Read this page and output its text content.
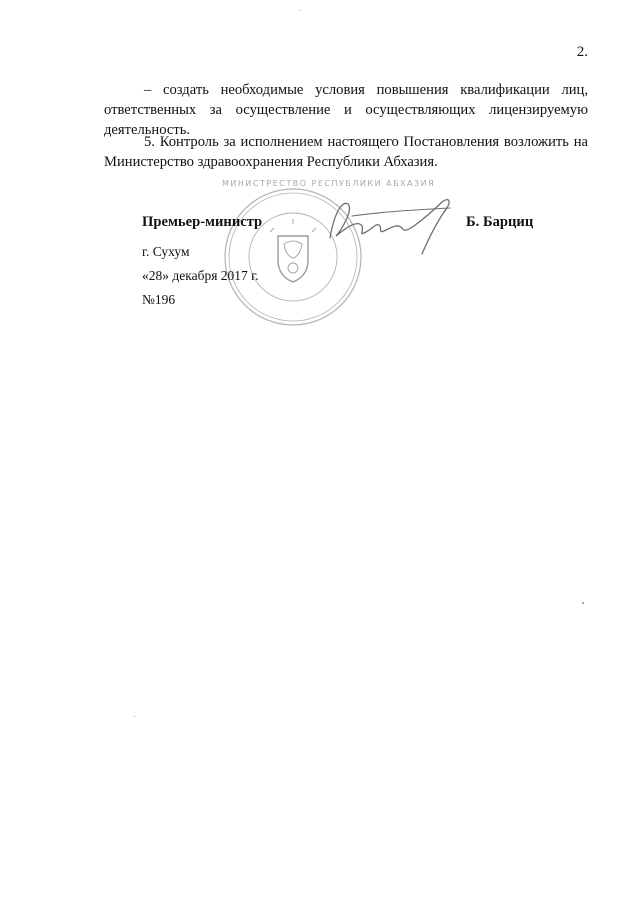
2.

– создать необходимые условия повышения квалификации лиц, ответственных за осуществление и осуществляющих лицензируемую деятельность.

5. Контроль за исполнением настоящего Постановления возложить на Министерство здравоохранения Республики Абхазия.

МИНИСТРЕСТВО РЕСПУБЛИКИ АБХАЗИЯ
Премьер-министр	Б. Барциц
г. Сухум
«28» декабря 2017 г.
№196
